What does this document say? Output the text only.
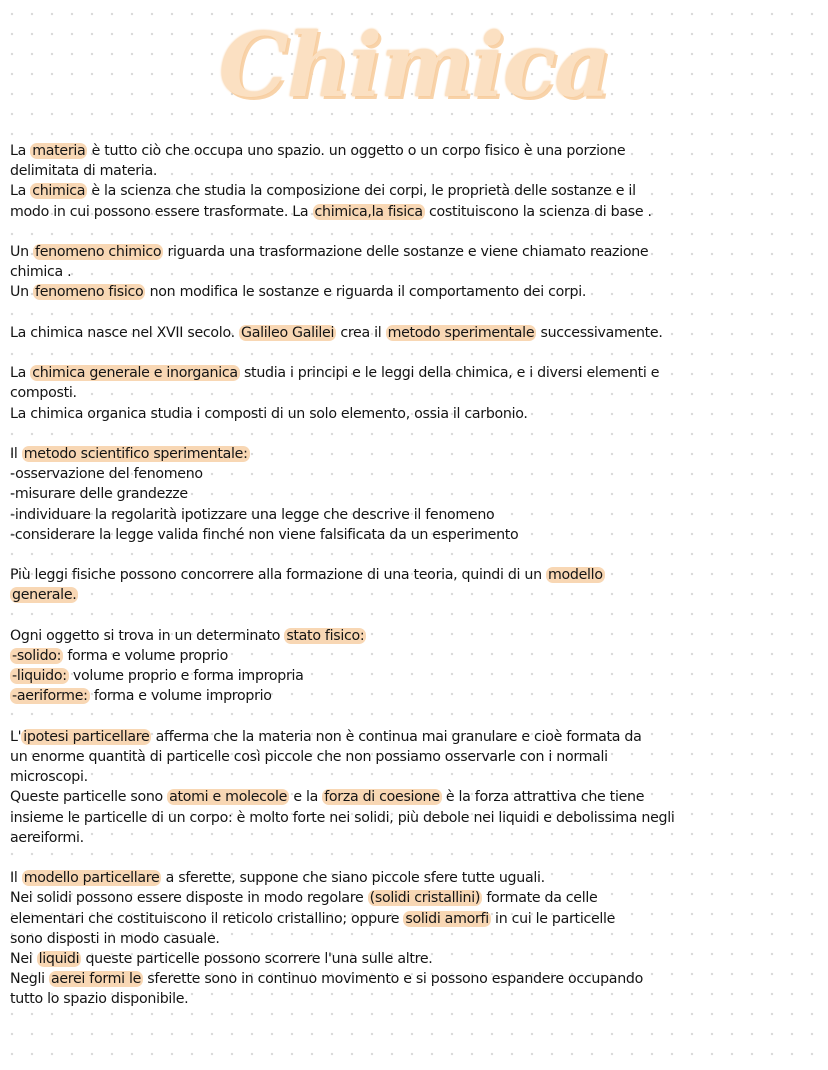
Chimica
La materia è tutto ciò che occupa uno spazio. un oggetto o un corpo fisico è una porzione
delimitata di materia.
La chimica è la scienza che studia la composizione dei corpi, le proprietà delle sostanze e il
modo in cui possono essere trasformate. La chimica,la fisica costituiscono la scienza di base .
Un fenomeno chimico riguarda una trasformazione delle sostanze e viene chiamato reazione
chimica .
Un fenomeno fisico non modifica le sostanze e riguarda il comportamento dei corpi.
La chimica nasce nel XVII secolo. Galileo Galilei crea il metodo sperimentale successivamente.
La chimica generale e inorganica studia i principi e le leggi della chimica, e i diversi elementi e
composti.
La chimica organica studia i composti di un solo elemento, ossia il carbonio.
Il metodo scientifico sperimentale:
-osservazione del fenomeno
-misurare delle grandezze
-individuare la regolarità ipotizzare una legge che descrive il fenomeno
-considerare la legge valida finché non viene falsificata da un esperimento
Più leggi fisiche possono concorrere alla formazione di una teoria, quindi di un modello
generale.
Ogni oggetto si trova in un determinato stato fisico:
-solido: forma e volume proprio
-liquido: volume proprio e forma impropria
-aeriforme: forma e volume improprio
L' ipotesi particellare afferma che la materia non è continua mai granulare e cioè formata da
un enorme quantità di particelle così piccole che non possiamo osservarle con i normali
microscopi.
Queste particelle sono atomi e molecole e la forza di coesione è la forza attrattiva che tiene
insieme le particelle di un corpo: è molto forte nei solidi, più debole nei liquidi e debolissima negli
aereiformi.
Il modello particellare a sferette, suppone che siano piccole sfere tutte uguali.
Nei solidi possono essere disposte in modo regolare (solidi cristallini) formate da celle
elementari che costituiscono il reticolo cristallino; oppure solidi amorfi in cui le particelle
sono disposti in modo casuale.
Nei liquidi queste particelle possono scorrere l'una sulle altre.
Negli aerei formi le sferette sono in continuo movimento e si possono espandere occupando
tutto lo spazio disponibile.
